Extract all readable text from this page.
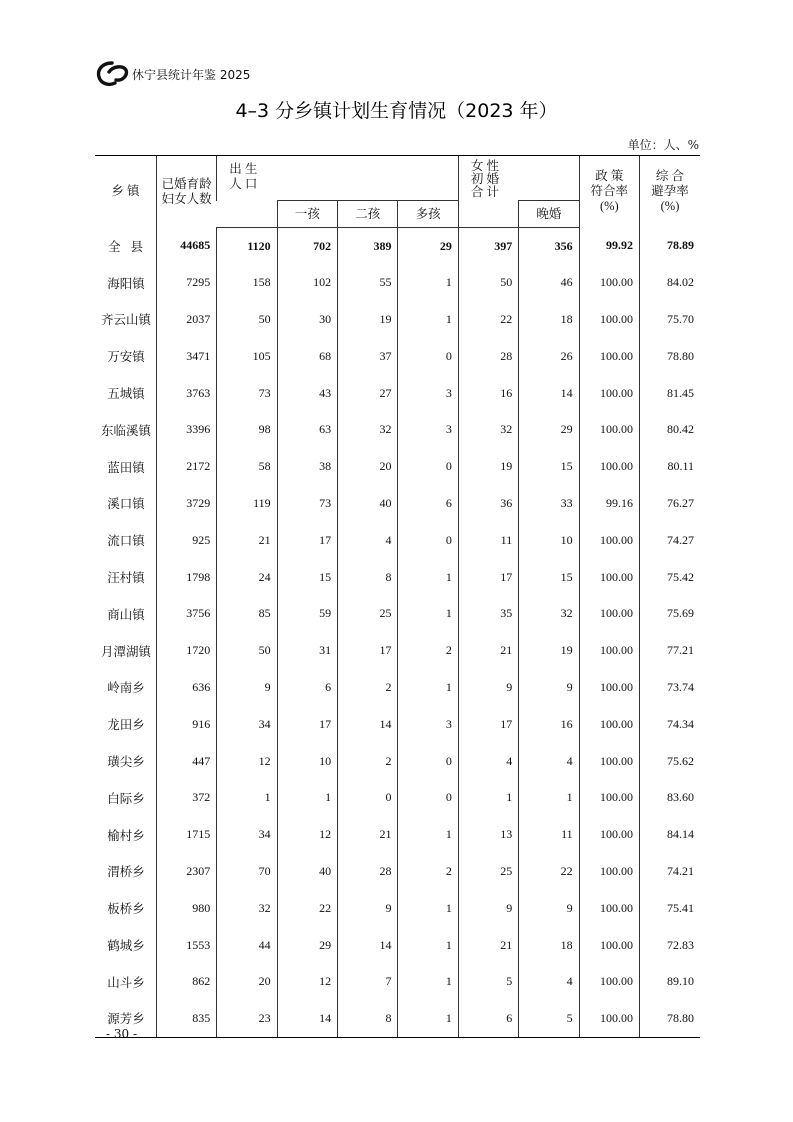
休宁县统计年鉴 2025
4–3 分乡镇计划生育情况（2023 年）
单位：人、%
乡 镇	已婚育龄妇女人数	出 生人 口				女 性初 婚合 计		政 策符合率(%)	综 合避孕率(%)
			一孩	二孩	多孩		晚婚		
全县	44685	1120	702	389	29	397	356	99.92	78.89
海阳镇	7295	158	102	55	1	50	46	100.00	84.02
齐云山镇	2037	50	30	19	1	22	18	100.00	75.70
万安镇	3471	105	68	37	0	28	26	100.00	78.80
五城镇	3763	73	43	27	3	16	14	100.00	81.45
东临溪镇	3396	98	63	32	3	32	29	100.00	80.42
蓝田镇	2172	58	38	20	0	19	15	100.00	80.11
溪口镇	3729	119	73	40	6	36	33	99.16	76.27
流口镇	925	21	17	4	0	11	10	100.00	74.27
汪村镇	1798	24	15	8	1	17	15	100.00	75.42
商山镇	3756	85	59	25	1	35	32	100.00	75.69
月潭湖镇	1720	50	31	17	2	21	19	100.00	77.21
岭南乡	636	9	6	2	1	9	9	100.00	73.74
龙田乡	916	34	17	14	3	17	16	100.00	74.34
璜尖乡	447	12	10	2	0	4	4	100.00	75.62
白际乡	372	1	1	0	0	1	1	100.00	83.60
榆村乡	1715	34	12	21	1	13	11	100.00	84.14
渭桥乡	2307	70	40	28	2	25	22	100.00	74.21
板桥乡	980	32	22	9	1	9	9	100.00	75.41
鹤城乡	1553	44	29	14	1	21	18	100.00	72.83
山斗乡	862	20	12	7	1	5	4	100.00	89.10
源芳乡	835	23	14	8	1	6	5	100.00	78.80
- 30 -
